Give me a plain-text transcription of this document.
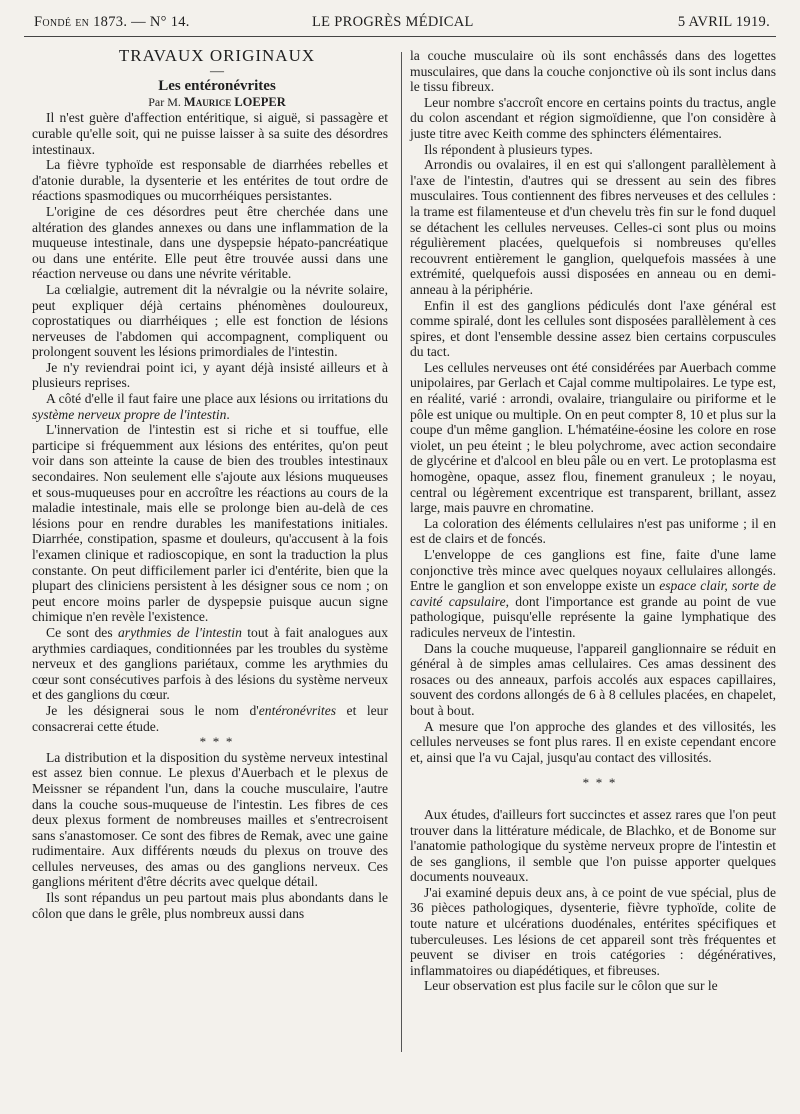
Fondé en 1873. — N° 14.	LE PROGRÈS MÉDICAL	5 AVRIL 1919.

TRAVAUX ORIGINAUX

—

Les entéronévrites

Par M. Maurice LOEPER

Il n'est guère d'affection entéritique, si aiguë, si passagère et curable qu'elle soit, qui ne puisse laisser à sa suite des désordres intestinaux.

La fièvre typhoïde est responsable de diarrhées rebelles et d'atonie durable, la dysenterie et les entérites de tout ordre de réactions spasmodiques ou mucorrhéiques persistantes.

L'origine de ces désordres peut être cherchée dans une altération des glandes annexes ou dans une inflammation de la muqueuse intestinale, dans une dyspepsie hépato-pancréatique ou dans une entérite. Elle peut être trouvée aussi dans une réaction nerveuse ou dans une névrite véritable.

La cœlialgie, autrement dit la névralgie ou la névrite solaire, peut expliquer déjà certains phénomènes douloureux, coprostatiques ou diarrhéiques ; elle est fonction de lésions nerveuses de l'abdomen qui accompagnent, compliquent ou prolongent souvent les lésions primordiales de l'intestin.

Je n'y reviendrai point ici, y ayant déjà insisté ailleurs et à plusieurs reprises.

A côté d'elle il faut faire une place aux lésions ou irritations du système nerveux propre de l'intestin.

L'innervation de l'intestin est si riche et si touffue, elle participe si fréquemment aux lésions des entérites, qu'on peut voir dans son atteinte la cause de bien des troubles intestinaux secondaires. Non seulement elle s'ajoute aux lésions muqueuses et sous-muqueuses pour en accroître les réactions au cours de la maladie intestinale, mais elle se prolonge bien au-delà de ces lésions pour en rendre durables les manifestations initiales. Diarrhée, constipation, spasme et douleurs, qu'accusent à la fois l'examen clinique et radioscopique, en sont la traduction la plus constante. On peut difficilement parler ici d'entérite, bien que la plupart des cliniciens persistent à les désigner sous ce nom ; on peut encore moins parler de dyspepsie puisque aucun signe chimique n'en revèle l'existence.

Ce sont des arythmies de l'intestin tout à fait analogues aux arythmies cardiaques, conditionnées par les troubles du système nerveux et des ganglions pariétaux, comme les arythmies du cœur sont consécutives parfois à des lésions du système nerveux et des ganglions du cœur.

Je les désignerai sous le nom d'entéronévrites et leur consacrerai cette étude.

* * *

La distribution et la disposition du système nerveux intestinal est assez bien connue. Le plexus d'Auerbach et le plexus de Meissner se répandent l'un, dans la couche musculaire, l'autre dans la couche sous-muqueuse de l'intestin. Les fibres de ces deux plexus forment de nombreuses mailles et s'entrecroisent sans s'anastomoser. Ce sont des fibres de Remak, avec une gaine rudimentaire. Aux différents nœuds du plexus on trouve des cellules nerveuses, des amas ou des ganglions nerveux. Ces ganglions méritent d'être décrits avec quelque détail.

Ils sont répandus un peu partout mais plus abondants dans le côlon que dans le grêle, plus nombreux aussi dans

la couche musculaire où ils sont enchâssés dans des logettes musculaires, que dans la couche conjonctive où ils sont inclus dans le tissu fibreux.

Leur nombre s'accroît encore en certains points du tractus, angle du colon ascendant et région sigmoïdienne, que l'on considère à juste titre avec Keith comme des sphincters élémentaires.

Ils répondent à plusieurs types.

Arrondis ou ovalaires, il en est qui s'allongent parallèlement à l'axe de l'intestin, d'autres qui se dressent au sein des fibres musculaires. Tous contiennent des fibres nerveuses et des cellules : la trame est filamenteuse et d'un chevelu très fin sur le fond duquel se détachent les cellules nerveuses. Celles-ci sont plus ou moins régulièrement placées, quelquefois si nombreuses qu'elles recouvrent entièrement le ganglion, quelquefois massées à une extrémité, quelquefois aussi disposées en anneau ou en demi-anneau à la périphérie.

Enfin il est des ganglions pédiculés dont l'axe général est comme spiralé, dont les cellules sont disposées parallèlement à ces spires, et dont l'ensemble dessine assez bien certains corpuscules du tact.

Les cellules nerveuses ont été considérées par Auerbach comme unipolaires, par Gerlach et Cajal comme multipolaires. Le type est, en réalité, varié : arrondi, ovalaire, triangulaire ou piriforme et le pôle est unique ou multiple. On en peut compter 8, 10 et plus sur la coupe d'un même ganglion. L'hématéine-éosine les colore en rose violet, un peu éteint ; le bleu polychrome, avec action secondaire de glycérine et d'alcool en bleu pâle ou en vert. Le protoplasma est homogène, opaque, assez flou, finement granuleux ; le noyau, central ou légèrement excentrique est transparent, brillant, assez large, mais pauvre en chromatine.

La coloration des éléments cellulaires n'est pas uniforme ; il en est de clairs et de foncés.

L'enveloppe de ces ganglions est fine, faite d'une lame conjonctive très mince avec quelques noyaux cellulaires allongés. Entre le ganglion et son enveloppe existe un espace clair, sorte de cavité capsulaire, dont l'importance est grande au point de vue pathologique, puisqu'elle représente la gaine lymphatique des radicules nerveux de l'intestin.

Dans la couche muqueuse, l'appareil ganglionnaire se réduit en général à de simples amas cellulaires. Ces amas dessinent des rosaces ou des anneaux, parfois accolés aux espaces capillaires, souvent des cordons allongés de 6 à 8 cellules placées, en chapelet, bout à bout.

A mesure que l'on approche des glandes et des villosités, les cellules nerveuses se font plus rares. Il en existe cependant encore et, ainsi que l'a vu Cajal, jusqu'au contact des villosités.

* * *

Aux études, d'ailleurs fort succinctes et assez rares que l'on peut trouver dans la littérature médicale, de Blachko, et de Bonome sur l'anatomie pathologique du système nerveux propre de l'intestin et de ses ganglions, il semble que l'on puisse apporter quelques documents nouveaux.

J'ai examiné depuis deux ans, à ce point de vue spécial, plus de 36 pièces pathologiques, dysenterie, fièvre typhoïde, colite de toute nature et ulcérations duodénales, entérites spécifiques et tuberculeuses. Les lésions de cet appareil sont très fréquentes et peuvent se diviser en trois catégories : dégénératives, inflammatoires ou diapédétiques, et fibreuses.

Leur observation est plus facile sur le côlon que sur le
